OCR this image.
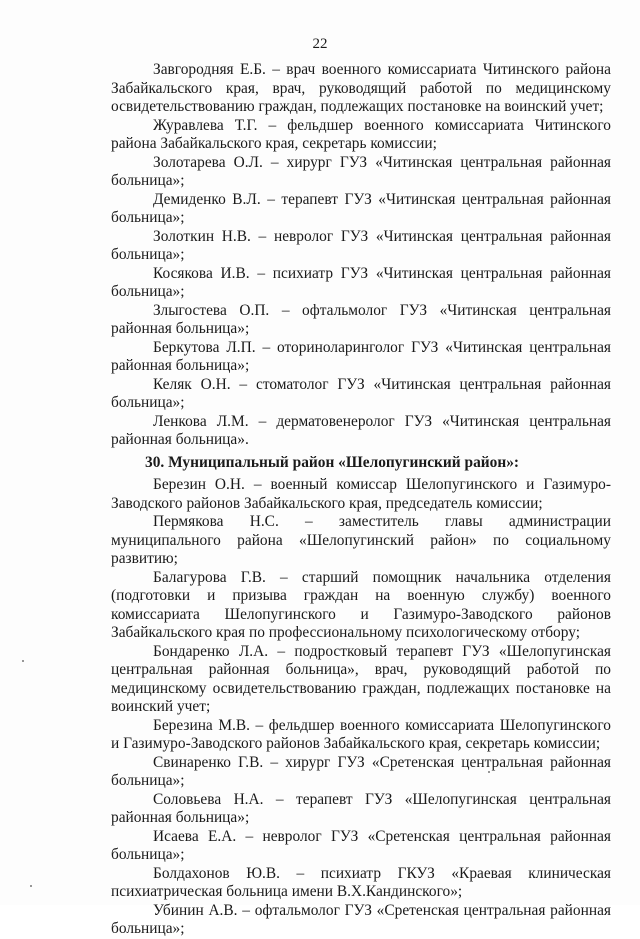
22

Завгородняя Е.Б. – врач военного комиссариата Читинского района Забайкальского края, врач, руководящий работой по медицинскому освидетельствованию граждан, подлежащих постановке на воинский учет;

Журавлева Т.Г. – фельдшер военного комиссариата Читинского района Забайкальского края, секретарь комиссии;

Золотарева О.Л. – хирург ГУЗ «Читинская центральная районная больница»;

Демиденко В.Л. – терапевт ГУЗ «Читинская центральная районная больница»;

Золоткин Н.В. – невролог ГУЗ «Читинская центральная районная больница»;

Косякова И.В. – психиатр ГУЗ «Читинская центральная районная больница»;

Злыгостева О.П. – офтальмолог ГУЗ «Читинская центральная районная больница»;

Беркутова Л.П. – оториноларинголог ГУЗ «Читинская центральная районная больница»;

Келяк О.Н. – стоматолог ГУЗ «Читинская центральная районная больница»;

Ленкова Л.М. – дерматовенеролог ГУЗ «Читинская центральная районная больница».

30. Муниципальный район «Шелопугинский район»:

Березин О.Н. – военный комиссар Шелопугинского и Газимуро-Заводского районов Забайкальского края, председатель комиссии;

Пермякова Н.С. – заместитель главы администрации муниципального района «Шелопугинский район» по социальному развитию;

Балагурова Г.В. – старший помощник начальника отделения (подготовки и призыва граждан на военную службу) военного комиссариата Шелопугинского и Газимуро-Заводского районов Забайкальского края по профессиональному психологическому отбору;

Бондаренко Л.А. – подростковый терапевт ГУЗ «Шелопугинская центральная районная больница», врач, руководящий работой по медицинскому освидетельствованию граждан, подлежащих постановке на воинский учет;

Березина М.В. – фельдшер военного комиссариата Шелопугинского и Газимуро-Заводского районов Забайкальского края, секретарь комиссии;

Свинаренко Г.В. – хирург ГУЗ «Сретенская центральная районная больница»;

Соловьева Н.А. – терапевт ГУЗ «Шелопугинская центральная районная больница»;

Исаева Е.А. – невролог ГУЗ «Сретенская центральная районная больница»;

Болдахонов Ю.В. – психиатр ГКУЗ «Краевая клиническая психиатрическая больница имени В.Х.Кандинского»;

Убинин А.В. – офтальмолог ГУЗ «Сретенская центральная районная больница»;
